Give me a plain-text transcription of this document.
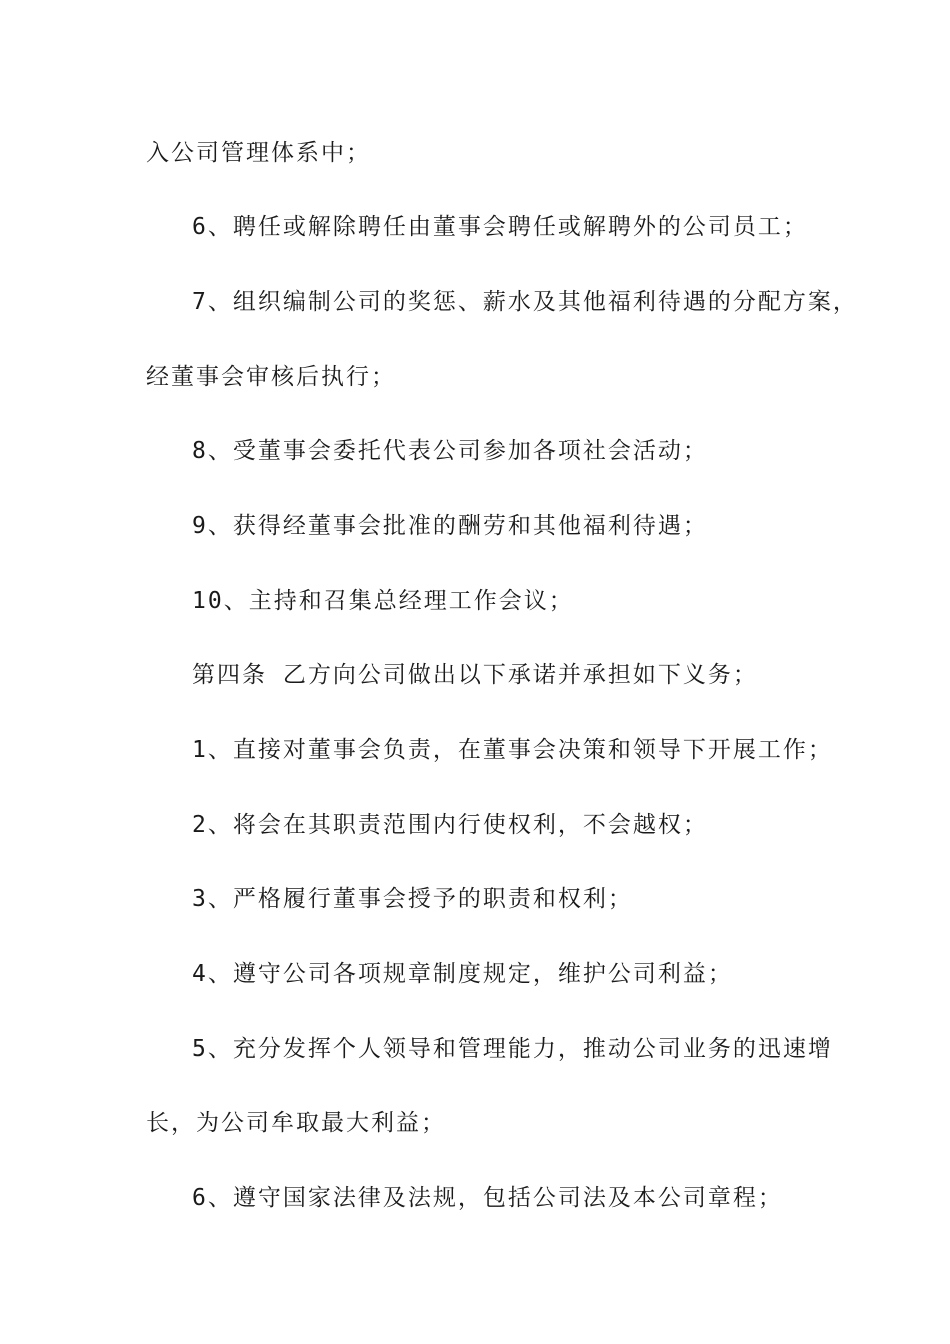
入公司管理体系中；
6、聘任或解除聘任由董事会聘任或解聘外的公司员工；
7、组织编制公司的奖惩、薪水及其他福利待遇的分配方案，
经董事会审核后执行；
8、受董事会委托代表公司参加各项社会活动；
9、获得经董事会批准的酬劳和其他福利待遇；
10、主持和召集总经理工作会议；
第四条 乙方向公司做出以下承诺并承担如下义务；
1、直接对董事会负责，在董事会决策和领导下开展工作；
2、将会在其职责范围内行使权利，不会越权；
3、严格履行董事会授予的职责和权利；
4、遵守公司各项规章制度规定，维护公司利益；
5、充分发挥个人领导和管理能力，推动公司业务的迅速增
长，为公司牟取最大利益；
6、遵守国家法律及法规，包括公司法及本公司章程；
